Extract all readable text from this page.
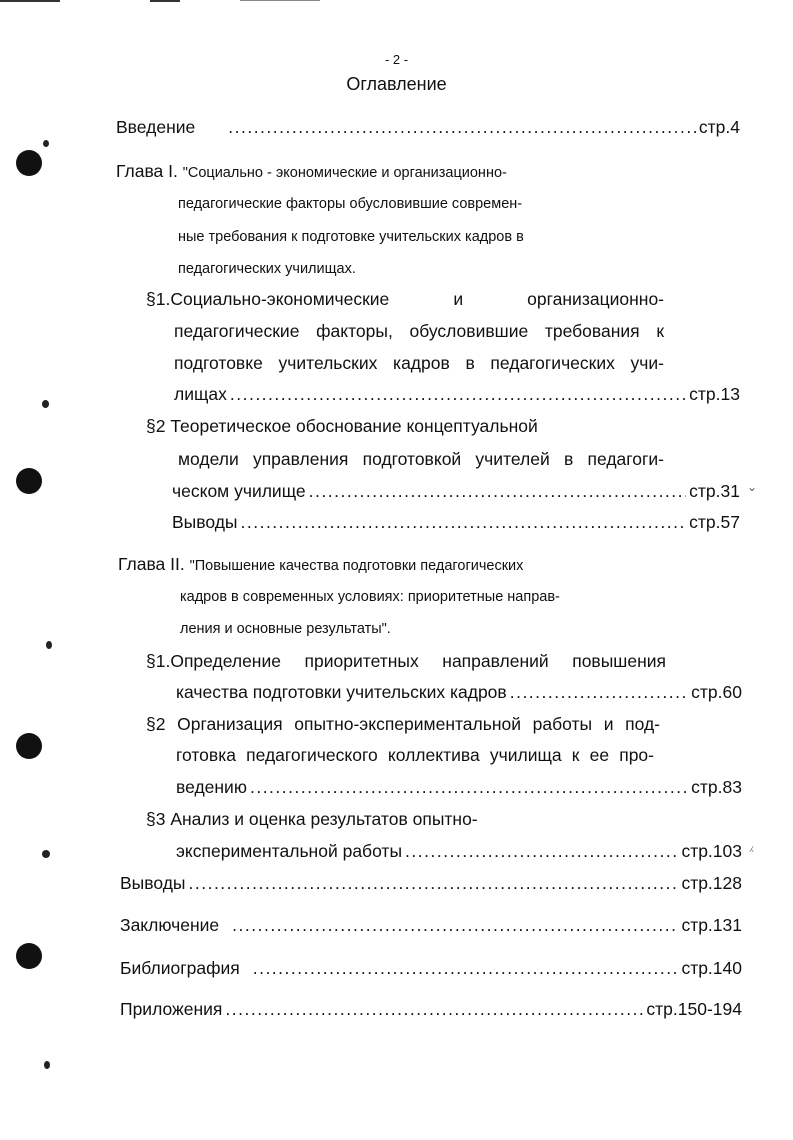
⌄
⁁
- 2 -
Оглавление
Введение .....	стр.4
Глава I. "Социально - экономические и организационно-
педагогические факторы обусловившие современ-
ные требования к подготовке учительских кадров в
педагогических училищах.
§1.Социально-экономические и организационно-
педагогические факторы, обусловившие требования к
подготовке учительских кадров в педагогических учи-
лищах .....	стр.13
§2 Теоретическое обоснование концептуальной
модели управления подготовкой учителей в педагоги-
ческом училище .....	стр.31
Выводы .....	стр.57
Глава II. "Повышение качества подготовки педагогических
кадров в современных условиях: приоритетные направ-
ления и основные результаты".
§1.Определение приоритетных направлений повышения
качества подготовки учительских кадров .....	стр.60
§2 Организация опытно-экспериментальной работы и под-
готовка педагогического коллектива училища к ее про-
ведению .....	стр.83
§3 Анализ и оценка результатов опытно-
экспериментальной работы .....	стр.103
Выводы .....	стр.128
Заключение .....	стр.131
Библиография .....	стр.140
Приложения .....	стр.150-194
